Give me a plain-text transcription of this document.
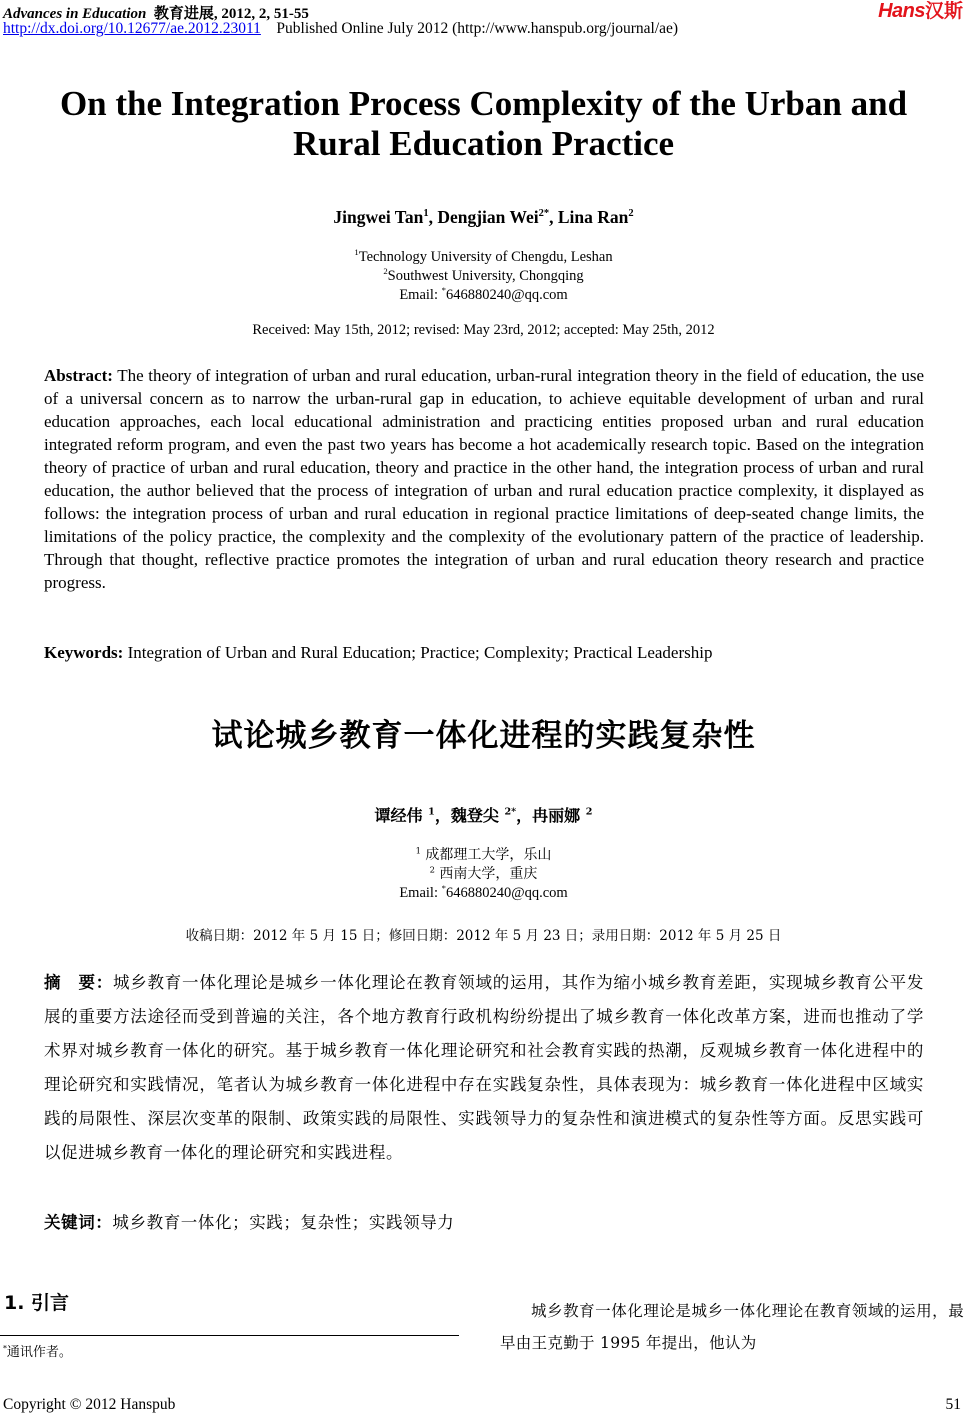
Advances in Education 教育进展, 2012, 2, 51-55
http://dx.doi.org/10.12677/ae.2012.23011 Published Online July 2012 (http://www.hanspub.org/journal/ae)
Hans汉斯
On the Integration Process Complexity of the Urban and
Rural Education Practice
Jingwei Tan$^1$, Dengjian Wei$^{2*}$, Lina Ran$^2$
$^1$Technology University of Chengdu, Leshan
$^2$Southwest University, Chongqing
Email: *646880240@qq.com
Received: May 15th, 2012; revised: May 23rd, 2012; accepted: May 25th, 2012
Abstract: The theory of integration of urban and rural education, urban-rural integration theory in the field of education, the use of a universal concern as to narrow the urban-rural gap in education, to achieve equitable development of urban and rural education approaches, each local educational administration and practicing entities proposed urban and rural education integrated reform program, and even the past two years has become a hot academically research topic. Based on the integration theory of practice of urban and rural education, theory and practice in the other hand, the integration process of urban and rural education, the author believed that the process of integration of urban and rural education practice complexity, it displayed as follows: the integration process of urban and rural education in regional practice limitations of deep-seated change limits, the limitations of the policy practice, the complexity and the complexity of the evolutionary pattern of the practice of leadership. Through that thought, reflective practice promotes the integration of urban and rural education theory research and practice progress.
Keywords: Integration of Urban and Rural Education; Practice; Complexity; Practical Leadership
试论城乡教育一体化进程的实践复杂性
谭经伟 $^1$，魏登尖 $^{2*}$，冉丽娜 $^2$
$^1$ 成都理工大学，乐山
$^2$ 西南大学，重庆
Email: *646880240@qq.com
收稿日期：2012 年 5 月 15 日；修回日期：2012 年 5 月 23 日；录用日期：2012 年 5 月 25 日
摘　要：城乡教育一体化理论是城乡一体化理论在教育领域的运用，其作为缩小城乡教育差距，实现城乡教育公平发展的重要方法途径而受到普遍的关注，各个地方教育行政机构纷纷提出了城乡教育一体化改革方案，进而也推动了学术界对城乡教育一体化的研究。基于城乡教育一体化理论研究和社会教育实践的热潮，反观城乡教育一体化进程中的理论研究和实践情况，笔者认为城乡教育一体化进程中存在实践复杂性，具体表现为：城乡教育一体化进程中区域实践的局限性、深层次变革的限制、政策实践的局限性、实践领导力的复杂性和演进模式的复杂性等方面。反思实践可以促进城乡教育一体化的理论研究和实践进程。
关键词：城乡教育一体化；实践；复杂性；实践领导力
1. 引言	城乡教育一体化理论是城乡一体化理论在教育领域的运用，最早由王克勤于 1995 年提出，他认为
*通讯作者。
Copyright © 2012 Hanspub	51
